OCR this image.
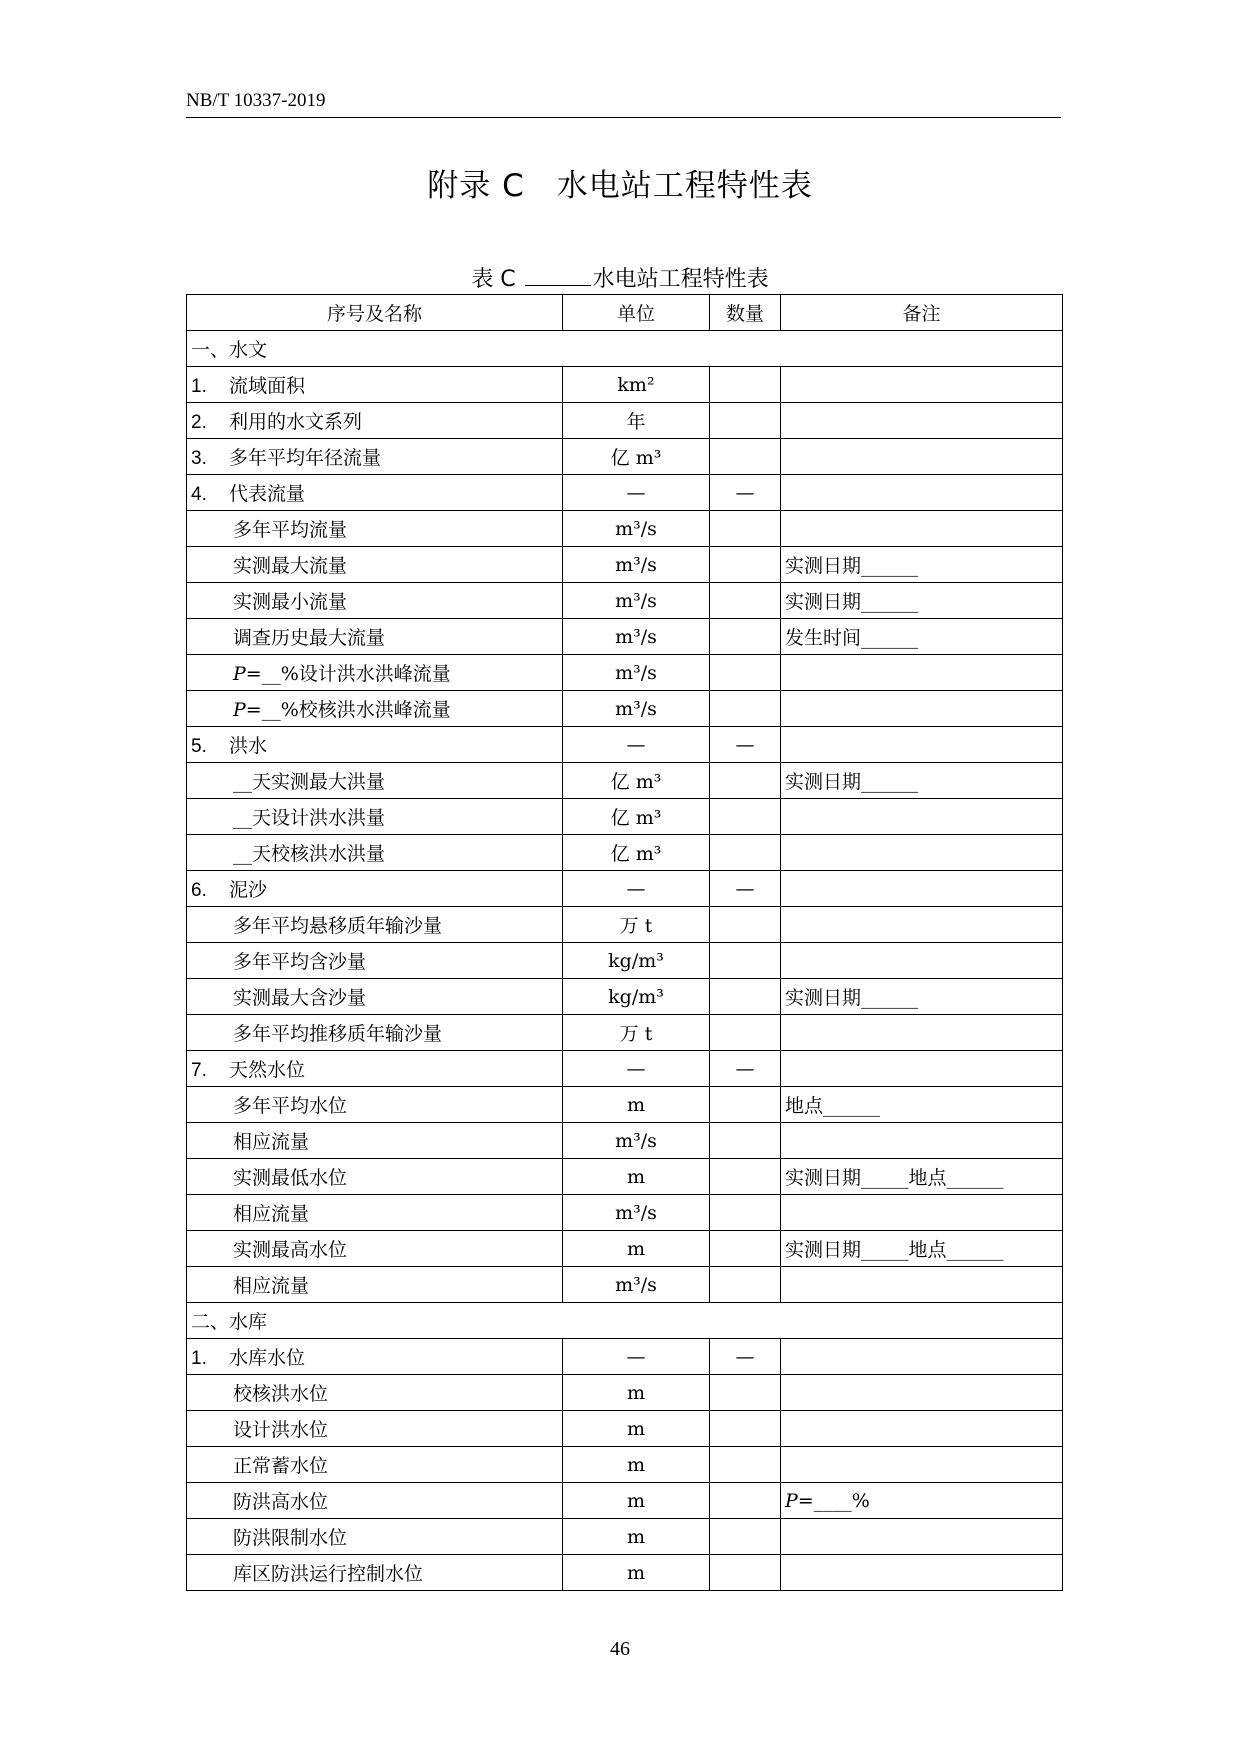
NB/T 10337-2019
附录 C　水电站工程特性表
表 C	水电站工程特性表
序号及名称	单位	数量	备注
一、水文			
1. 流域面积	km²		
2. 利用的水文系列	年		
3. 多年平均年径流量	亿 m³		
4. 代表流量	—	—	
多年平均流量	m³/s		
实测最大流量	m³/s		实测日期______
实测最小流量	m³/s		实测日期______
调查历史最大流量	m³/s		发生时间______
P=__%设计洪水洪峰流量	m³/s		
P=__%校核洪水洪峰流量	m³/s		
5. 洪水	—	—	
__天实测最大洪量	亿 m³		实测日期______
__天设计洪水洪量	亿 m³		
__天校核洪水洪量	亿 m³		
6. 泥沙	—	—	
多年平均悬移质年输沙量	万 t		
多年平均含沙量	kg/m³		
实测最大含沙量	kg/m³		实测日期______
多年平均推移质年输沙量	万 t		
7. 天然水位	—	—	
多年平均水位	m		地点______
相应流量	m³/s		
实测最低水位	m		实测日期_____地点______
相应流量	m³/s		
实测最高水位	m		实测日期_____地点______
相应流量	m³/s		
二、水库			
1. 水库水位	—	—	
校核洪水位	m		
设计洪水位	m		
正常蓄水位	m		
防洪高水位	m		P=____%
防洪限制水位	m		
库区防洪运行控制水位	m		
46
